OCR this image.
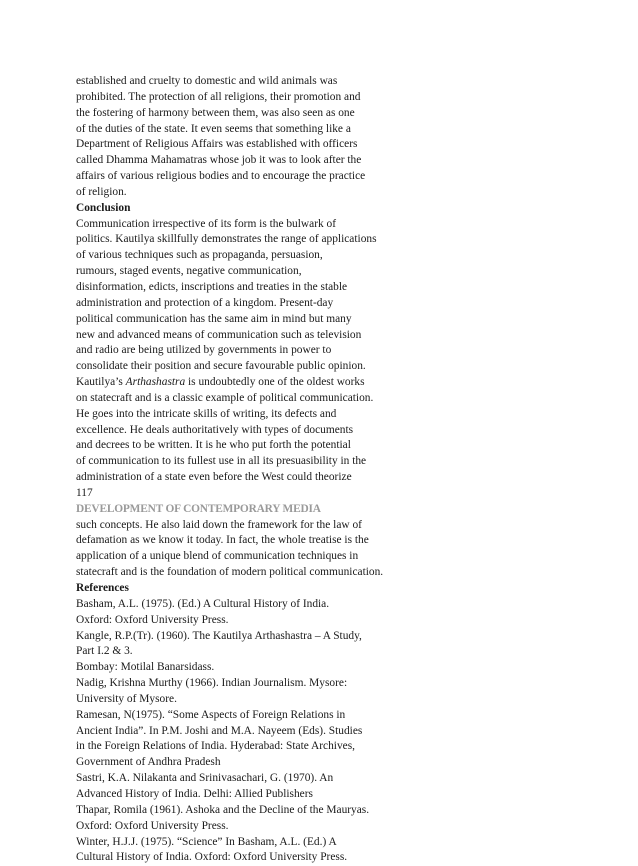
established and cruelty to domestic and wild animals was
prohibited. The protection of all religions, their promotion and
the fostering of harmony between them, was also seen as one
of the duties of the state. It even seems that something like a
Department of Religious Affairs was established with officers
called Dhamma Mahamatras whose job it was to look after the
affairs of various religious bodies and to encourage the practice
of religion.
Conclusion
Communication irrespective of its form is the bulwark of
politics. Kautilya skillfully demonstrates the range of applications
of various techniques such as propaganda, persuasion,
rumours, staged events, negative communication,
disinformation, edicts, inscriptions and treaties in the stable
administration and protection of a kingdom. Present-day
political communication has the same aim in mind but many
new and advanced means of communication such as television
and radio are being utilized by governments in power to
consolidate their position and secure favourable public opinion.
Kautilya’s Arthashastra is undoubtedly one of the oldest works
on statecraft and is a classic example of political communication.
He goes into the intricate skills of writing, its defects and
excellence. He deals authoritatively with types of documents
and decrees to be written. It is he who put forth the potential
of communication to its fullest use in all its presuasibility in the
administration of a state even before the West could theorize
117
DEVELOPMENT OF CONTEMPORARY MEDIA
such concepts. He also laid down the framework for the law of
defamation as we know it today. In fact, the whole treatise is the
application of a unique blend of communication techniques in
statecraft and is the foundation of modern political communication.
References
Basham, A.L. (1975). (Ed.) A Cultural History of India.
Oxford: Oxford University Press.
Kangle, R.P.(Tr). (1960). The Kautilya Arthashastra – A Study,
Part I.2 & 3.
Bombay: Motilal Banarsidass.
Nadig, Krishna Murthy (1966). Indian Journalism. Mysore:
University of Mysore.
Ramesan, N(1975). “Some Aspects of Foreign Relations in
Ancient India”. In P.M. Joshi and M.A. Nayeem (Eds). Studies
in the Foreign Relations of India. Hyderabad: State Archives,
Government of Andhra Pradesh
Sastri, K.A. Nilakanta and Srinivasachari, G. (1970). An
Advanced History of India. Delhi: Allied Publishers
Thapar, Romila (1961). Ashoka and the Decline of the Mauryas.
Oxford: Oxford University Press.
Winter, H.J.J. (1975). “Science” In Basham, A.L. (Ed.) A
Cultural History of India. Oxford: Oxford University Press.
